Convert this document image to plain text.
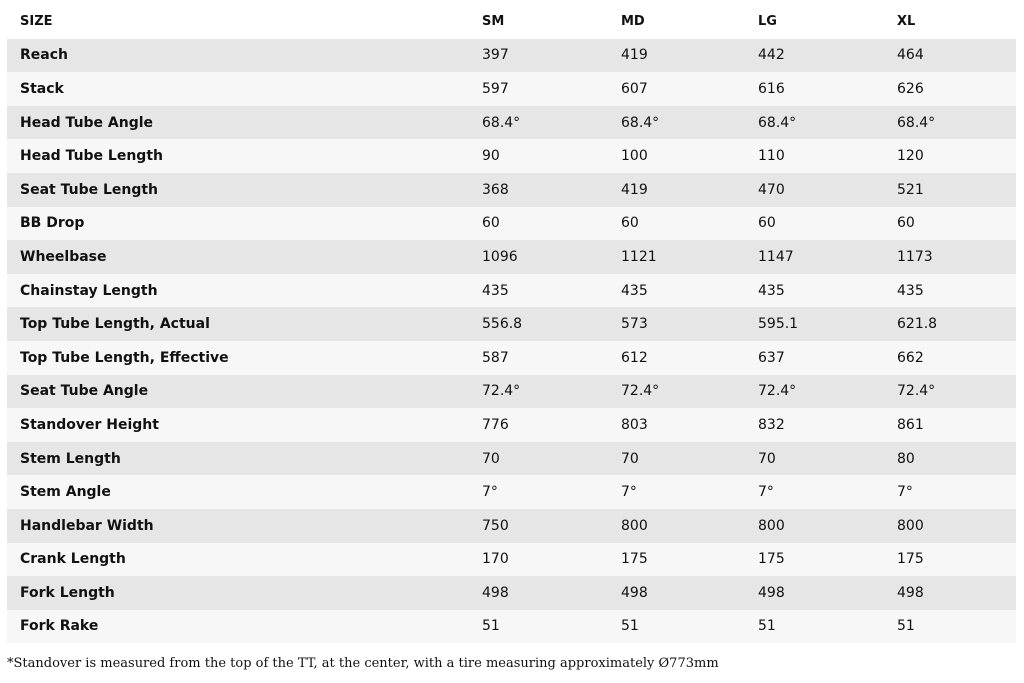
SIZE	SM	MD	LG	XL
Reach	397	419	442	464
Stack	597	607	616	626
Head Tube Angle	68.4°	68.4°	68.4°	68.4°
Head Tube Length	90	100	110	120
Seat Tube Length	368	419	470	521
BB Drop	60	60	60	60
Wheelbase	1096	1121	1147	1173
Chainstay Length	435	435	435	435
Top Tube Length, Actual	556.8	573	595.1	621.8
Top Tube Length, Effective	587	612	637	662
Seat Tube Angle	72.4°	72.4°	72.4°	72.4°
Standover Height	776	803	832	861
Stem Length	70	70	70	80
Stem Angle	7°	7°	7°	7°
Handlebar Width	750	800	800	800
Crank Length	170	175	175	175
Fork Length	498	498	498	498
Fork Rake	51	51	51	51
*Standover is measured from the top of the TT, at the center, with a tire measuring approximately Ø773mm
